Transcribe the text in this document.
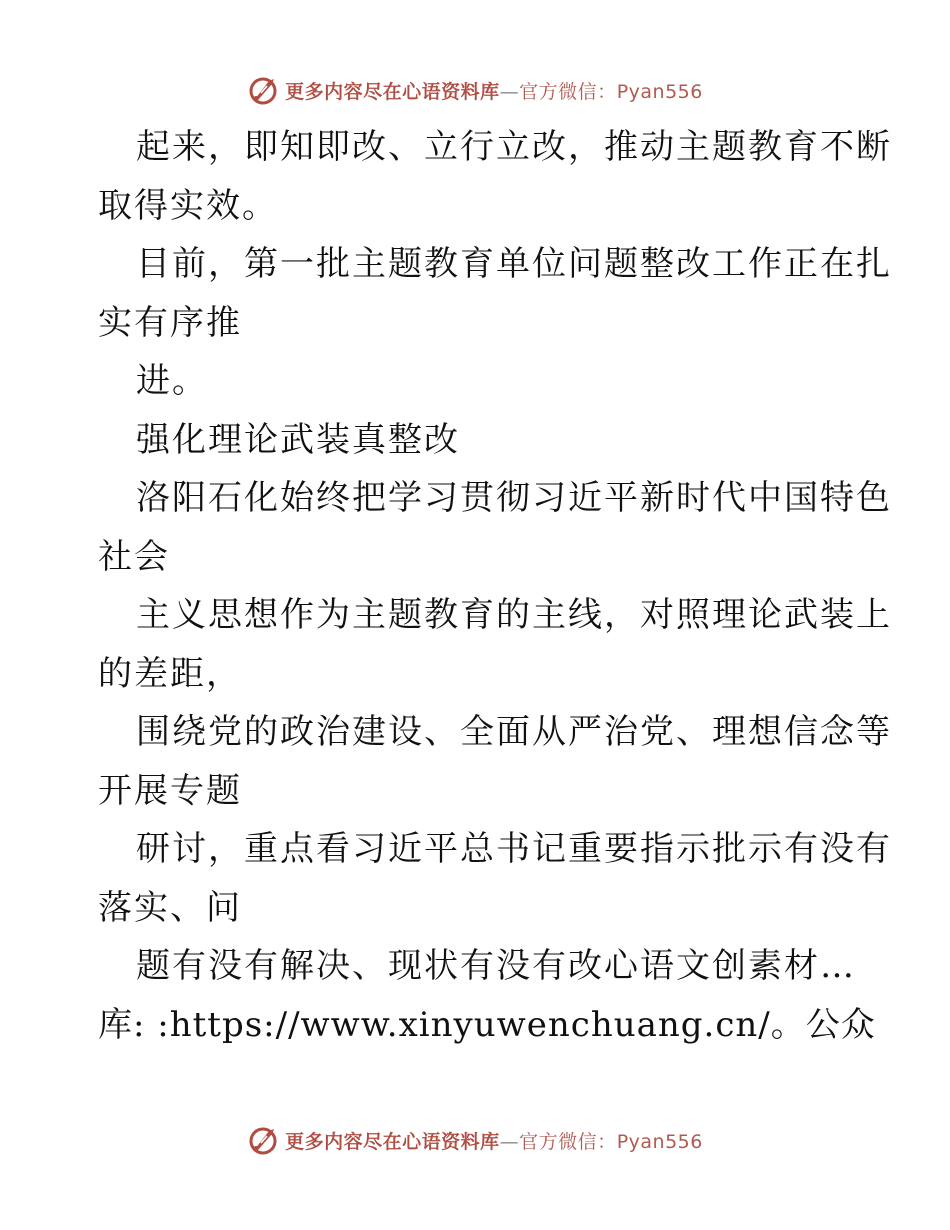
更多内容尽在心语资料库—官方微信：Pyan556
起来，即知即改、立行立改，推动主题教育不断
取得实效。
目前，第一批主题教育单位问题整改工作正在扎
实有序推
进。
强化理论武装真整改
洛阳石化始终把学习贯彻习近平新时代中国特色
社会
主义思想作为主题教育的主线，对照理论武装上
的差距，
围绕党的政治建设、全面从严治党、理想信念等
开展专题
研讨，重点看习近平总书记重要指示批示有没有
落实、问
题有没有解决、现状有没有改心语文创素材…
库: :https://www.xinyuwenchuang.cn/。公众
更多内容尽在心语资料库—官方微信：Pyan556
